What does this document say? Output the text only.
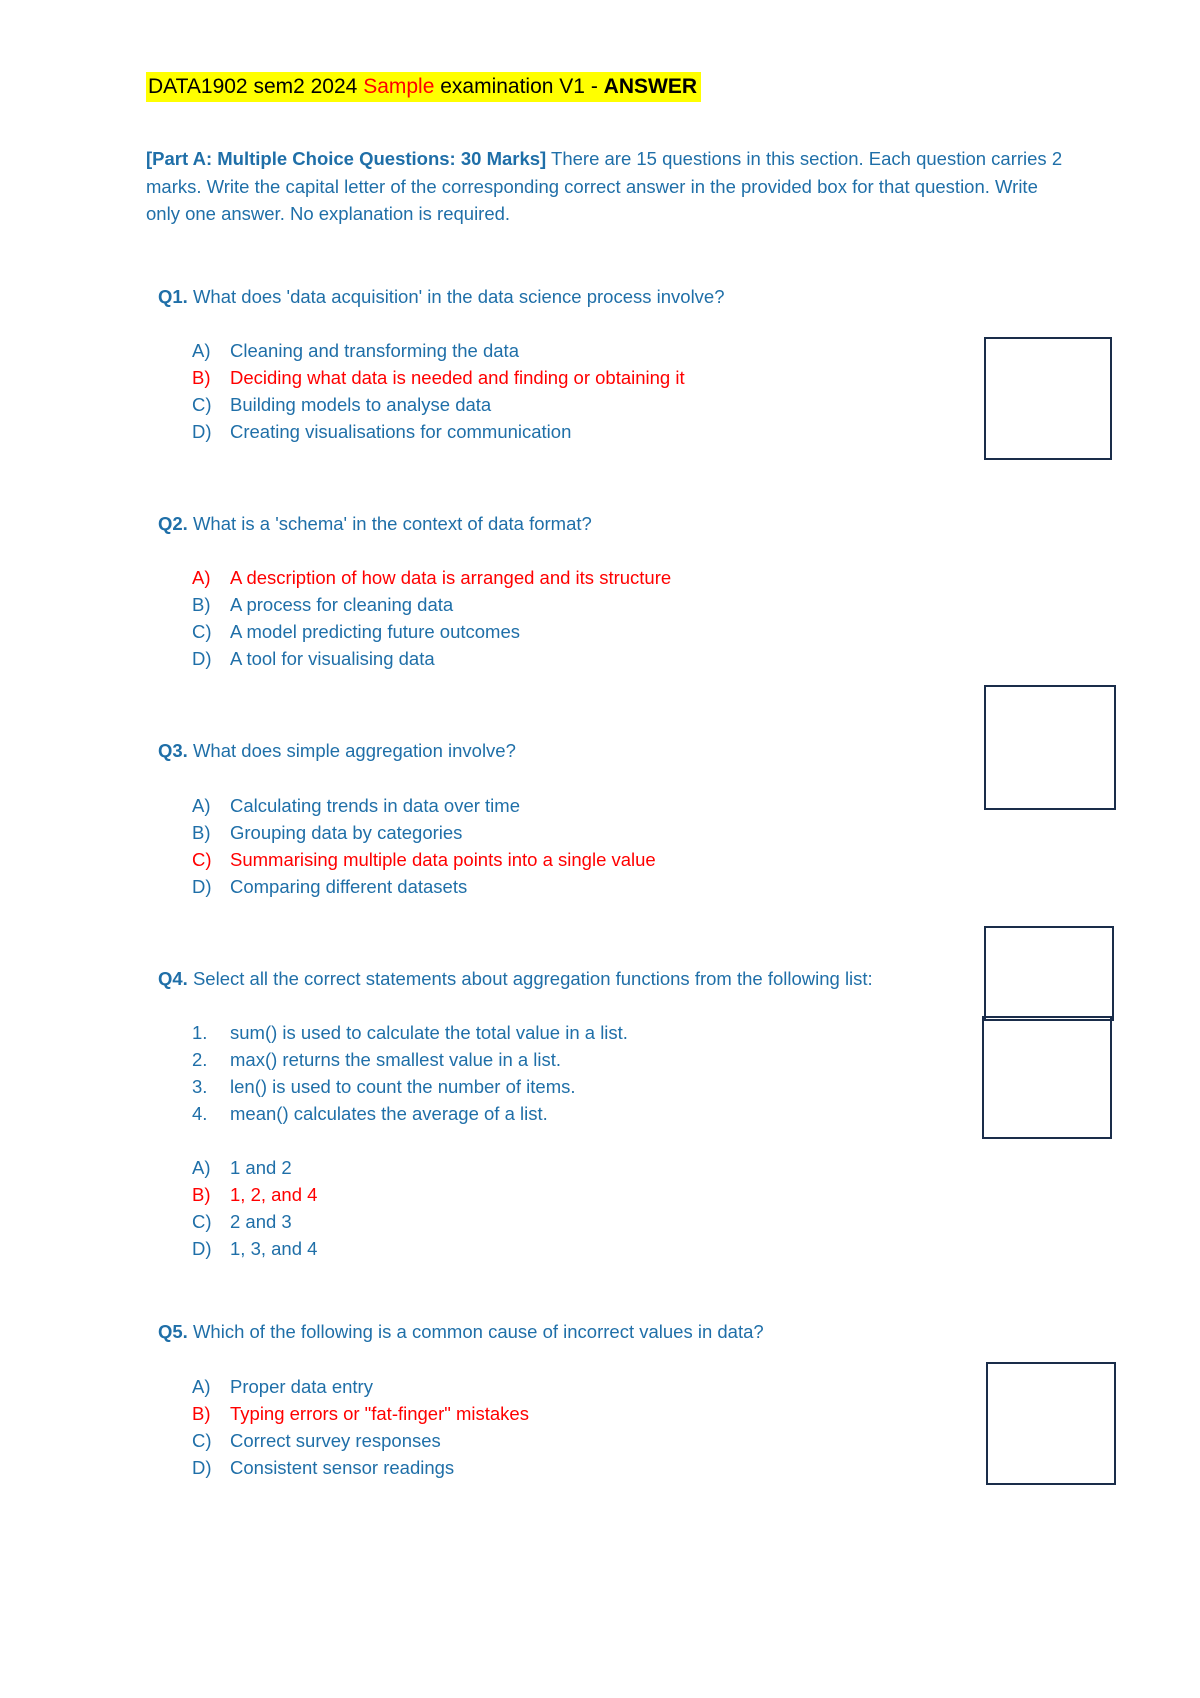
DATA1902 sem2 2024 Sample examination V1 - ANSWER
[Part A: Multiple Choice Questions: 30 Marks] There are 15 questions in this section. Each question carries 2 marks. Write the capital letter of the corresponding correct answer in the provided box for that question. Write only one answer. No explanation is required.
Q1. What does 'data acquisition' in the data science process involve?
A)	Cleaning and transforming the data
B)	Deciding what data is needed and finding or obtaining it
C) Building models to analyse data
D) Creating visualisations for communication
Q2. What is a 'schema' in the context of data format?
A)	A description of how data is arranged and its structure
B)	A process for cleaning data
C) A model predicting future outcomes
D) A tool for visualising data
Q3. What does simple aggregation involve?
A)	Calculating trends in data over time
B)	Grouping data by categories
C) Summarising multiple data points into a single value
D) Comparing different datasets
Q4. Select all the correct statements about aggregation functions from the following list:
1.	sum() is used to calculate the total value in a list.
2.	max() returns the smallest value in a list.
3.	len() is used to count the number of items.
4.	mean() calculates the average of a list.
A)	1 and 2
B)	1, 2, and 4
C) 2 and 3
D) 1, 3, and 4
Q5. Which of the following is a common cause of incorrect values in data?
A)	Proper data entry
B)	Typing errors or "fat-finger" mistakes
C) Correct survey responses
D) Consistent sensor readings
